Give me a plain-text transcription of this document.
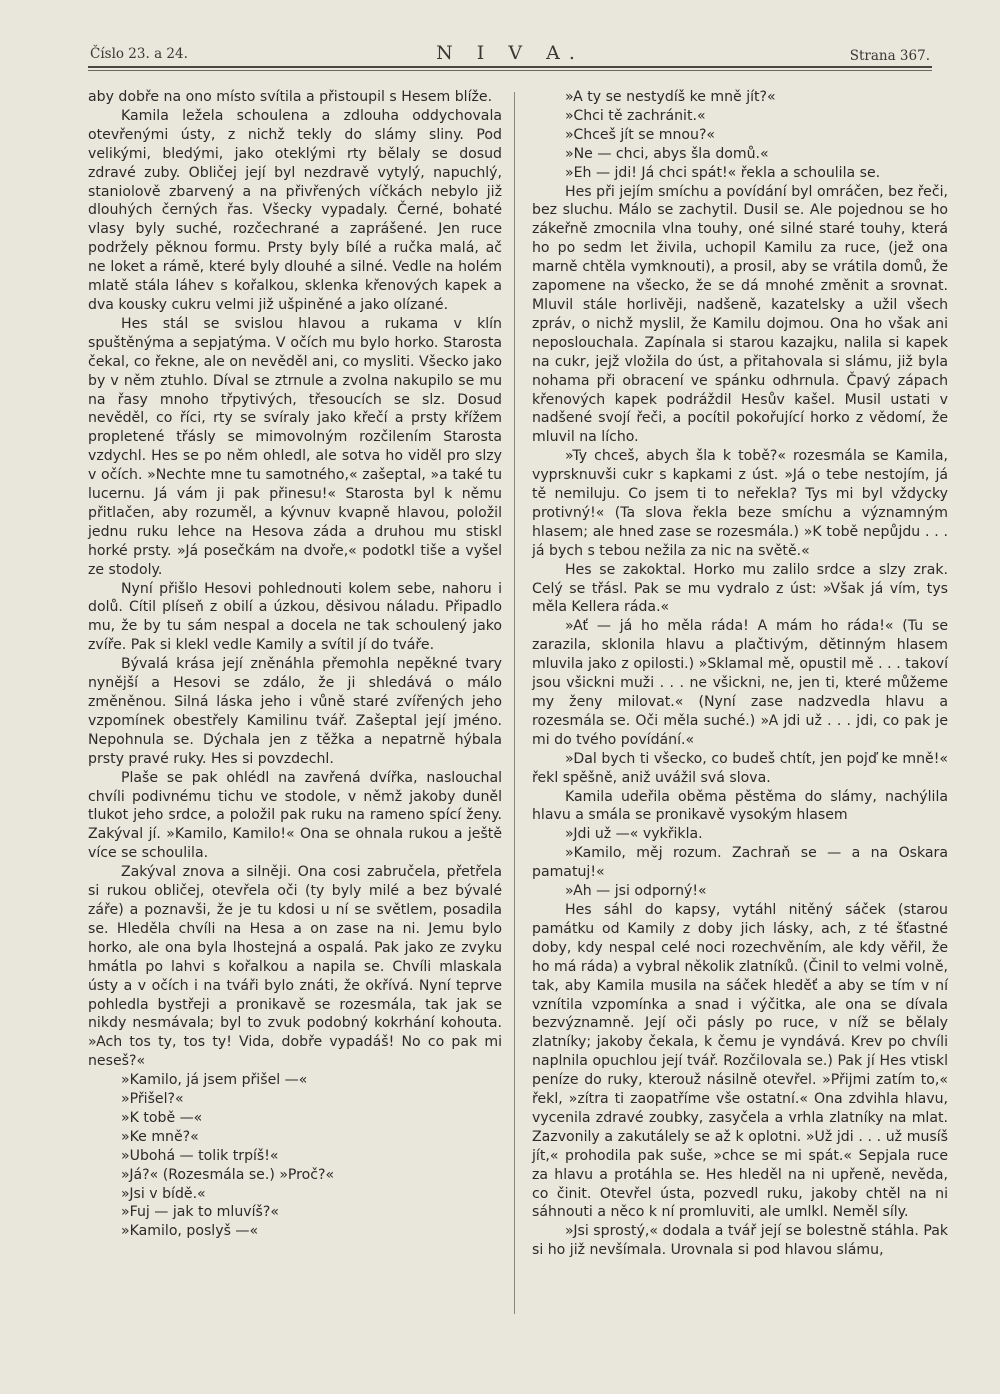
Číslo 23. a 24.	N I V A.	Strana 367.

aby dobře na ono místo svítila a přistoupil s Hesem blíže.

Kamila ležela schoulena a zdlouha oddychovala otevřenými ústy, z nichž tekly do slámy sliny. Pod velikými, bledými, jako oteklými rty bělaly se dosud zdravé zuby. Obličej její byl nezdravě vytylý, napuchlý, staniolově zbarvený a na přivřených víčkách nebylo již dlouhých černých řas. Všecky vypadaly. Černé, bohaté vlasy byly suché, rozčechrané a zaprášené. Jen ruce podržely pěknou formu. Prsty byly bílé a ručka malá, ač ne loket a rámě, které byly dlouhé a silné. Vedle na holém mlatě stála láhev s kořalkou, sklenka křenových kapek a dva kousky cukru velmi již ušpiněné a jako olízané.

Hes stál se svislou hlavou a rukama v klín spuštěnýma a sepjatýma. V očích mu bylo horko. Starosta čekal, co řekne, ale on nevěděl ani, co mysliti. Všecko jako by v něm ztuhlo. Díval se ztrnule a zvolna nakupilo se mu na řasy mnoho třpytivých, třesoucích se slz. Dosud nevěděl, co říci, rty se svíraly jako křečí a prsty křížem propletené třásly se mimovolným rozčilením Starosta vzdychl. Hes se po něm ohledl, ale sotva ho viděl pro slzy v očích. »Nechte mne tu samotného,« zašeptal, »a také tu lucernu. Já vám ji pak přinesu!« Starosta byl k němu přitlačen, aby rozuměl, a kývnuv kvapně hlavou, položil jednu ruku lehce na Hesova záda a druhou mu stiskl horké prsty. »Já posečkám na dvoře,« podotkl tiše a vyšel ze stodoly.

Nyní přišlo Hesovi pohlednouti kolem sebe, nahoru i dolů. Cítil plíseň z obilí a úzkou, děsivou náladu. Připadlo mu, že by tu sám nespal a docela ne tak schoulený jako zvíře. Pak si klekl vedle Kamily a svítil jí do tváře.

Bývalá krása její zněnáhla přemohla nepěkné tvary nynější a Hesovi se zdálo, že ji shledává o málo změněnou. Silná láska jeho i vůně staré zvířených jeho vzpomínek obestřely Kamilinu tvář. Zašeptal její jméno. Nepohnula se. Dýchala jen z těžka a nepatrně hýbala prsty pravé ruky. Hes si povzdechl.

Plaše se pak ohlédl na zavřená dvířka, naslouchal chvíli podivnému tichu ve stodole, v němž jakoby duněl tlukot jeho srdce, a položil pak ruku na rameno spící ženy. Zakýval jí. »Kamilo, Kamilo!« Ona se ohnala rukou a ještě více se schoulila.

Zakýval znova a silněji. Ona cosi zabručela, přetřela si rukou obličej, otevřela oči (ty byly milé a bez bývalé záře) a poznavši, že je tu kdosi u ní se světlem, posadila se. Hleděla chvíli na Hesa a on zase na ni. Jemu bylo horko, ale ona byla lhostejná a ospalá. Pak jako ze zvyku hmátla po lahvi s kořalkou a napila se. Chvíli mlaskala ústy a v očích i na tváři bylo znáti, že okřívá. Nyní teprve pohledla bystřeji a pronikavě se rozesmála, tak jak se nikdy nesmávala; byl to zvuk podobný kokrhání kohouta. »Ach tos ty, tos ty! Vida, dobře vypadáš! No co pak mi neseš?«

»Kamilo, já jsem přišel —«

»Přišel?«

»K tobě —«

»Ke mně?«

»Ubohá — tolik trpíš!«

»Já?« (Rozesmála se.) »Proč?«

»Jsi v bídě.«

»Fuj — jak to mluvíš?«

»Kamilo, poslyš —«

»A ty se nestydíš ke mně jít?«

»Chci tě zachránit.«

»Chceš jít se mnou?«

»Ne — chci, abys šla domů.«

»Eh — jdi! Já chci spát!« řekla a schoulila se.

Hes při jejím smíchu a povídání byl omráčen, bez řeči, bez sluchu. Málo se zachytil. Dusil se. Ale pojednou se ho zákeřně zmocnila vlna touhy, oné silné staré touhy, která ho po sedm let živila, uchopil Kamilu za ruce, (jež ona marně chtěla vymknouti), a prosil, aby se vrátila domů, že zapomene na všecko, že se dá mnohé změnit a srovnat. Mluvil stále horlivěji, nadšeně, kazatelsky a užil všech zpráv, o nichž myslil, že Kamilu dojmou. Ona ho však ani neposlouchala. Zapínala si starou kazajku, nalila si kapek na cukr, jejž vložila do úst, a přitahovala si slámu, již byla nohama při obracení ve spánku odhrnula. Čpavý zápach křenových kapek podráždil Hesův kašel. Musil ustati v nadšené svojí řeči, a pocítil pokořující horko z vědomí, že mluvil na lícho.

»Ty chceš, abych šla k tobě?« rozesmála se Kamila, vyprsknuvši cukr s kapkami z úst. »Já o tebe nestojím, já tě nemiluju. Co jsem ti to neřekla? Tys mi byl vždycky protivný!« (Ta slova řekla beze smíchu a významným hlasem; ale hned zase se rozesmála.) »K tobě nepůjdu . . . já bych s tebou nežila za nic na světě.«

Hes se zakoktal. Horko mu zalilo srdce a slzy zrak. Celý se třásl. Pak se mu vydralo z úst: »Však já vím, tys měla Kellera ráda.«

»Ať — já ho měla ráda! A mám ho ráda!« (Tu se zarazila, sklonila hlavu a plačtivým, dětinným hlasem mluvila jako z opilosti.) »Sklamal mě, opustil mě . . . takoví jsou všickni muži . . . ne všickni, ne, jen ti, které můžeme my ženy milovat.« (Nyní zase nadzvedla hlavu a rozesmála se. Oči měla suché.) »A jdi už . . . jdi, co pak je mi do tvého povídání.«

»Dal bych ti všecko, co budeš chtít, jen pojď ke mně!« řekl spěšně, aniž uvážil svá slova.

Kamila udeřila oběma pěstěma do slámy, nachýlila hlavu a smála se pronikavě vysokým hlasem

»Jdi už —« vykřikla.

»Kamilo, měj rozum. Zachraň se — a na Oskara pamatuj!«

»Ah — jsi odporný!«

Hes sáhl do kapsy, vytáhl nitěný sáček (starou památku od Kamily z doby jich lásky, ach, z té šťastné doby, kdy nespal celé noci rozechvěním, ale kdy věřil, že ho má ráda) a vybral několik zlatníků. (Činil to velmi volně, tak, aby Kamila musila na sáček hleděť a aby se tím v ní vznítila vzpomínka a snad i výčitka, ale ona se dívala bezvýznamně. Její oči pásly po ruce, v níž se bělaly zlatníky; jakoby čekala, k čemu je vyndává. Krev po chvíli naplnila opuchlou její tvář. Rozčilovala se.) Pak jí Hes vtiskl peníze do ruky, kterouž násilně otevřel. »Přijmi zatím to,« řekl, »zítra ti zaopatříme vše ostatní.« Ona zdvihla hlavu, vycenila zdravé zoubky, zasyčela a vrhla zlatníky na mlat. Zazvonily a zakutálely se až k oplotni. »Už jdi . . . už musíš jít,« prohodila pak suše, »chce se mi spát.« Sepjala ruce za hlavu a protáhla se. Hes hleděl na ni upřeně, nevěda, co činit. Otevřel ústa, pozvedl ruku, jakoby chtěl na ni sáhnouti a něco k ní promluviti, ale umlkl. Neměl síly.

»Jsi sprostý,« dodala a tvář její se bolestně stáhla. Pak si ho již nevšímala. Urovnala si pod hlavou slámu,
